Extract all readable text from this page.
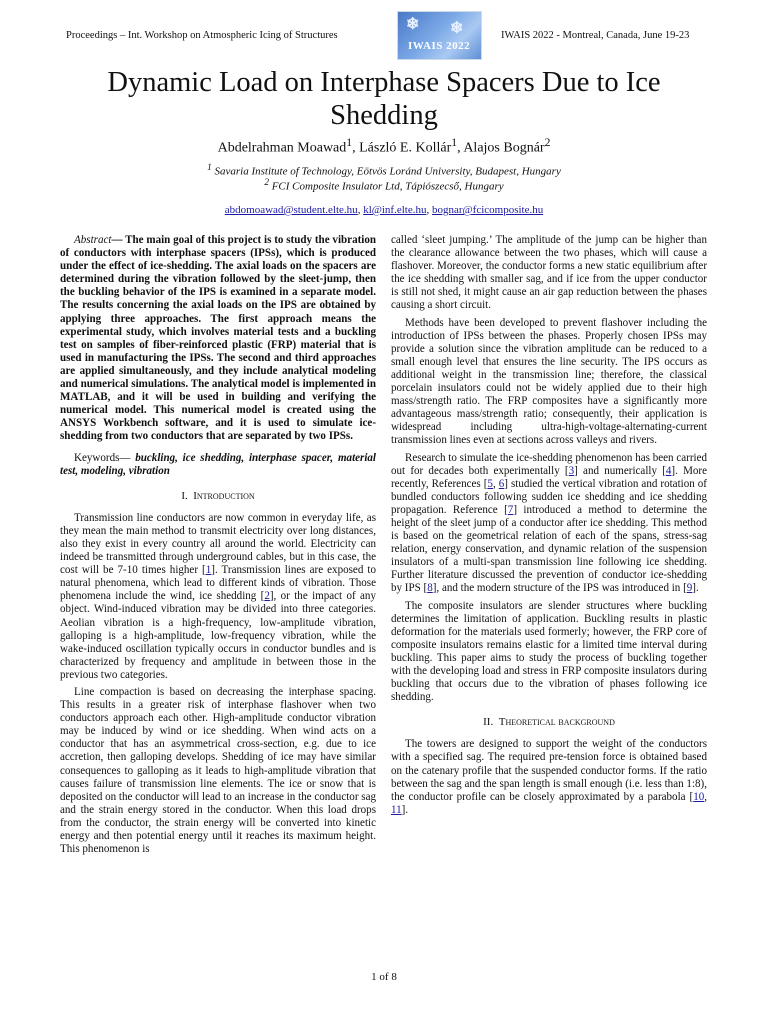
Proceedings – Int. Workshop on Atmospheric Icing of Structures
❄ ❄
IWAIS 2022
IWAIS 2022 - Montreal, Canada, June 19-23
Dynamic Load on Interphase Spacers Due to Ice Shedding
Abdelrahman Moawad$^1$, László E. Kollár$^1$, Alajos Bognár$^2$
$^1$ Savaria Institute of Technology, Eötvös Loránd University, Budapest, Hungary
$^2$ FCI Composite Insulator Ltd, Tápiószecső, Hungary
abdomoawad@student.elte.hu, kl@inf.elte.hu, bognar@fcicomposite.hu

Abstract— The main goal of this project is to study the vibration of conductors with interphase spacers (IPSs), which is produced under the effect of ice-shedding. The axial loads on the spacers are determined during the vibration followed by the sleet-jump, then the buckling behavior of the IPS is examined in a separate model. The results concerning the axial loads on the IPS are obtained by applying three approaches. The first approach means the experimental study, which involves material tests and a buckling test on samples of fiber-reinforced plastic (FRP) material that is used in manufacturing the IPSs. The second and third approaches are applied simultaneously, and they include analytical modeling and numerical simulations. The analytical model is implemented in MATLAB, and it will be used in building and verifying the numerical model. This numerical model is created using the ANSYS Workbench software, and it is used to simulate ice-shedding from two conductors that are separated by two IPSs.

Keywords— buckling, ice shedding, interphase spacer, material test, modeling, vibration

I. Introduction

Transmission line conductors are now common in everyday life, as they mean the main method to transmit electricity over long distances, also they exist in every country all around the world. Electricity can indeed be transmitted through underground cables, but in this case, the cost will be 7-10 times higher [1]. Transmission lines are exposed to natural phenomena, which lead to different kinds of vibration. Those phenomena include the wind, ice shedding [2], or the impact of any object. Wind-induced vibration may be divided into three categories. Aeolian vibration is a high-frequency, low-amplitude vibration, galloping is a high-amplitude, low-frequency vibration, while the wake-induced oscillation typically occurs in conductor bundles and is characterized by frequency and amplitude in between those in the previous two categories.

Line compaction is based on decreasing the interphase spacing. This results in a greater risk of interphase flashover when two conductors approach each other. High-amplitude conductor vibration may be induced by wind or ice shedding. When wind acts on a conductor that has an asymmetrical cross-section, e.g. due to ice accretion, then galloping develops. Shedding of ice may have similar consequences to galloping as it leads to high-amplitude vibration that causes failure of transmission line elements. The ice or snow that is deposited on the conductor will lead to an increase in the conductor sag and the strain energy stored in the conductor. When this load drops from the conductor, the strain energy will be converted into kinetic energy and then potential energy until it reaches its maximum height. This phenomenon is

called ‘sleet jumping.’ The amplitude of the jump can be higher than the clearance allowance between the two phases, which will cause a flashover. Moreover, the conductor forms a new static equilibrium after the ice shedding with smaller sag, and if ice from the upper conductor is still not shed, it might cause an air gap reduction between the phases causing a short circuit.

Methods have been developed to prevent flashover including the introduction of IPSs between the phases. Properly chosen IPSs may provide a solution since the vibration amplitude can be reduced to a small enough level that ensures the line security. The IPS occurs as additional weight in the transmission line; therefore, the classical porcelain insulators could not be widely applied due to their high mass/strength ratio. The FRP composites have a significantly more advantageous mass/strength ratio; consequently, their application is widespread including ultra-high-voltage-alternating-current transmission lines even at sections across valleys and rivers.

Research to simulate the ice-shedding phenomenon has been carried out for decades both experimentally [3] and numerically [4]. More recently, References [5, 6] studied the vertical vibration and rotation of bundled conductors following sudden ice shedding and ice shedding propagation. Reference [7] introduced a method to determine the height of the sleet jump of a conductor after ice shedding. This method is based on the geometrical relation of each of the spans, stress-sag relation, energy conservation, and dynamic relation of the suspension insulators of a multi-span transmission line following ice shedding. Further literature discussed the prevention of conductor ice-shedding by IPS [8], and the modern structure of the IPS was introduced in [9].

The composite insulators are slender structures where buckling determines the limitation of application. Buckling results in plastic deformation for the materials used formerly; however, the FRP core of composite insulators remains elastic for a limited time interval during buckling. This paper aims to study the process of buckling together with the developing load and stress in FRP composite insulators during buckling that occurs due to the vibration of phases following ice shedding.

II. Theoretical background

The towers are designed to support the weight of the conductors with a specified sag. The required pre-tension force is obtained based on the catenary profile that the suspended conductor forms. If the ratio between the sag and the span length is small enough (i.e. less than 1:8), the conductor profile can be closely approximated by a parabola [10, 11].

1 of 8
